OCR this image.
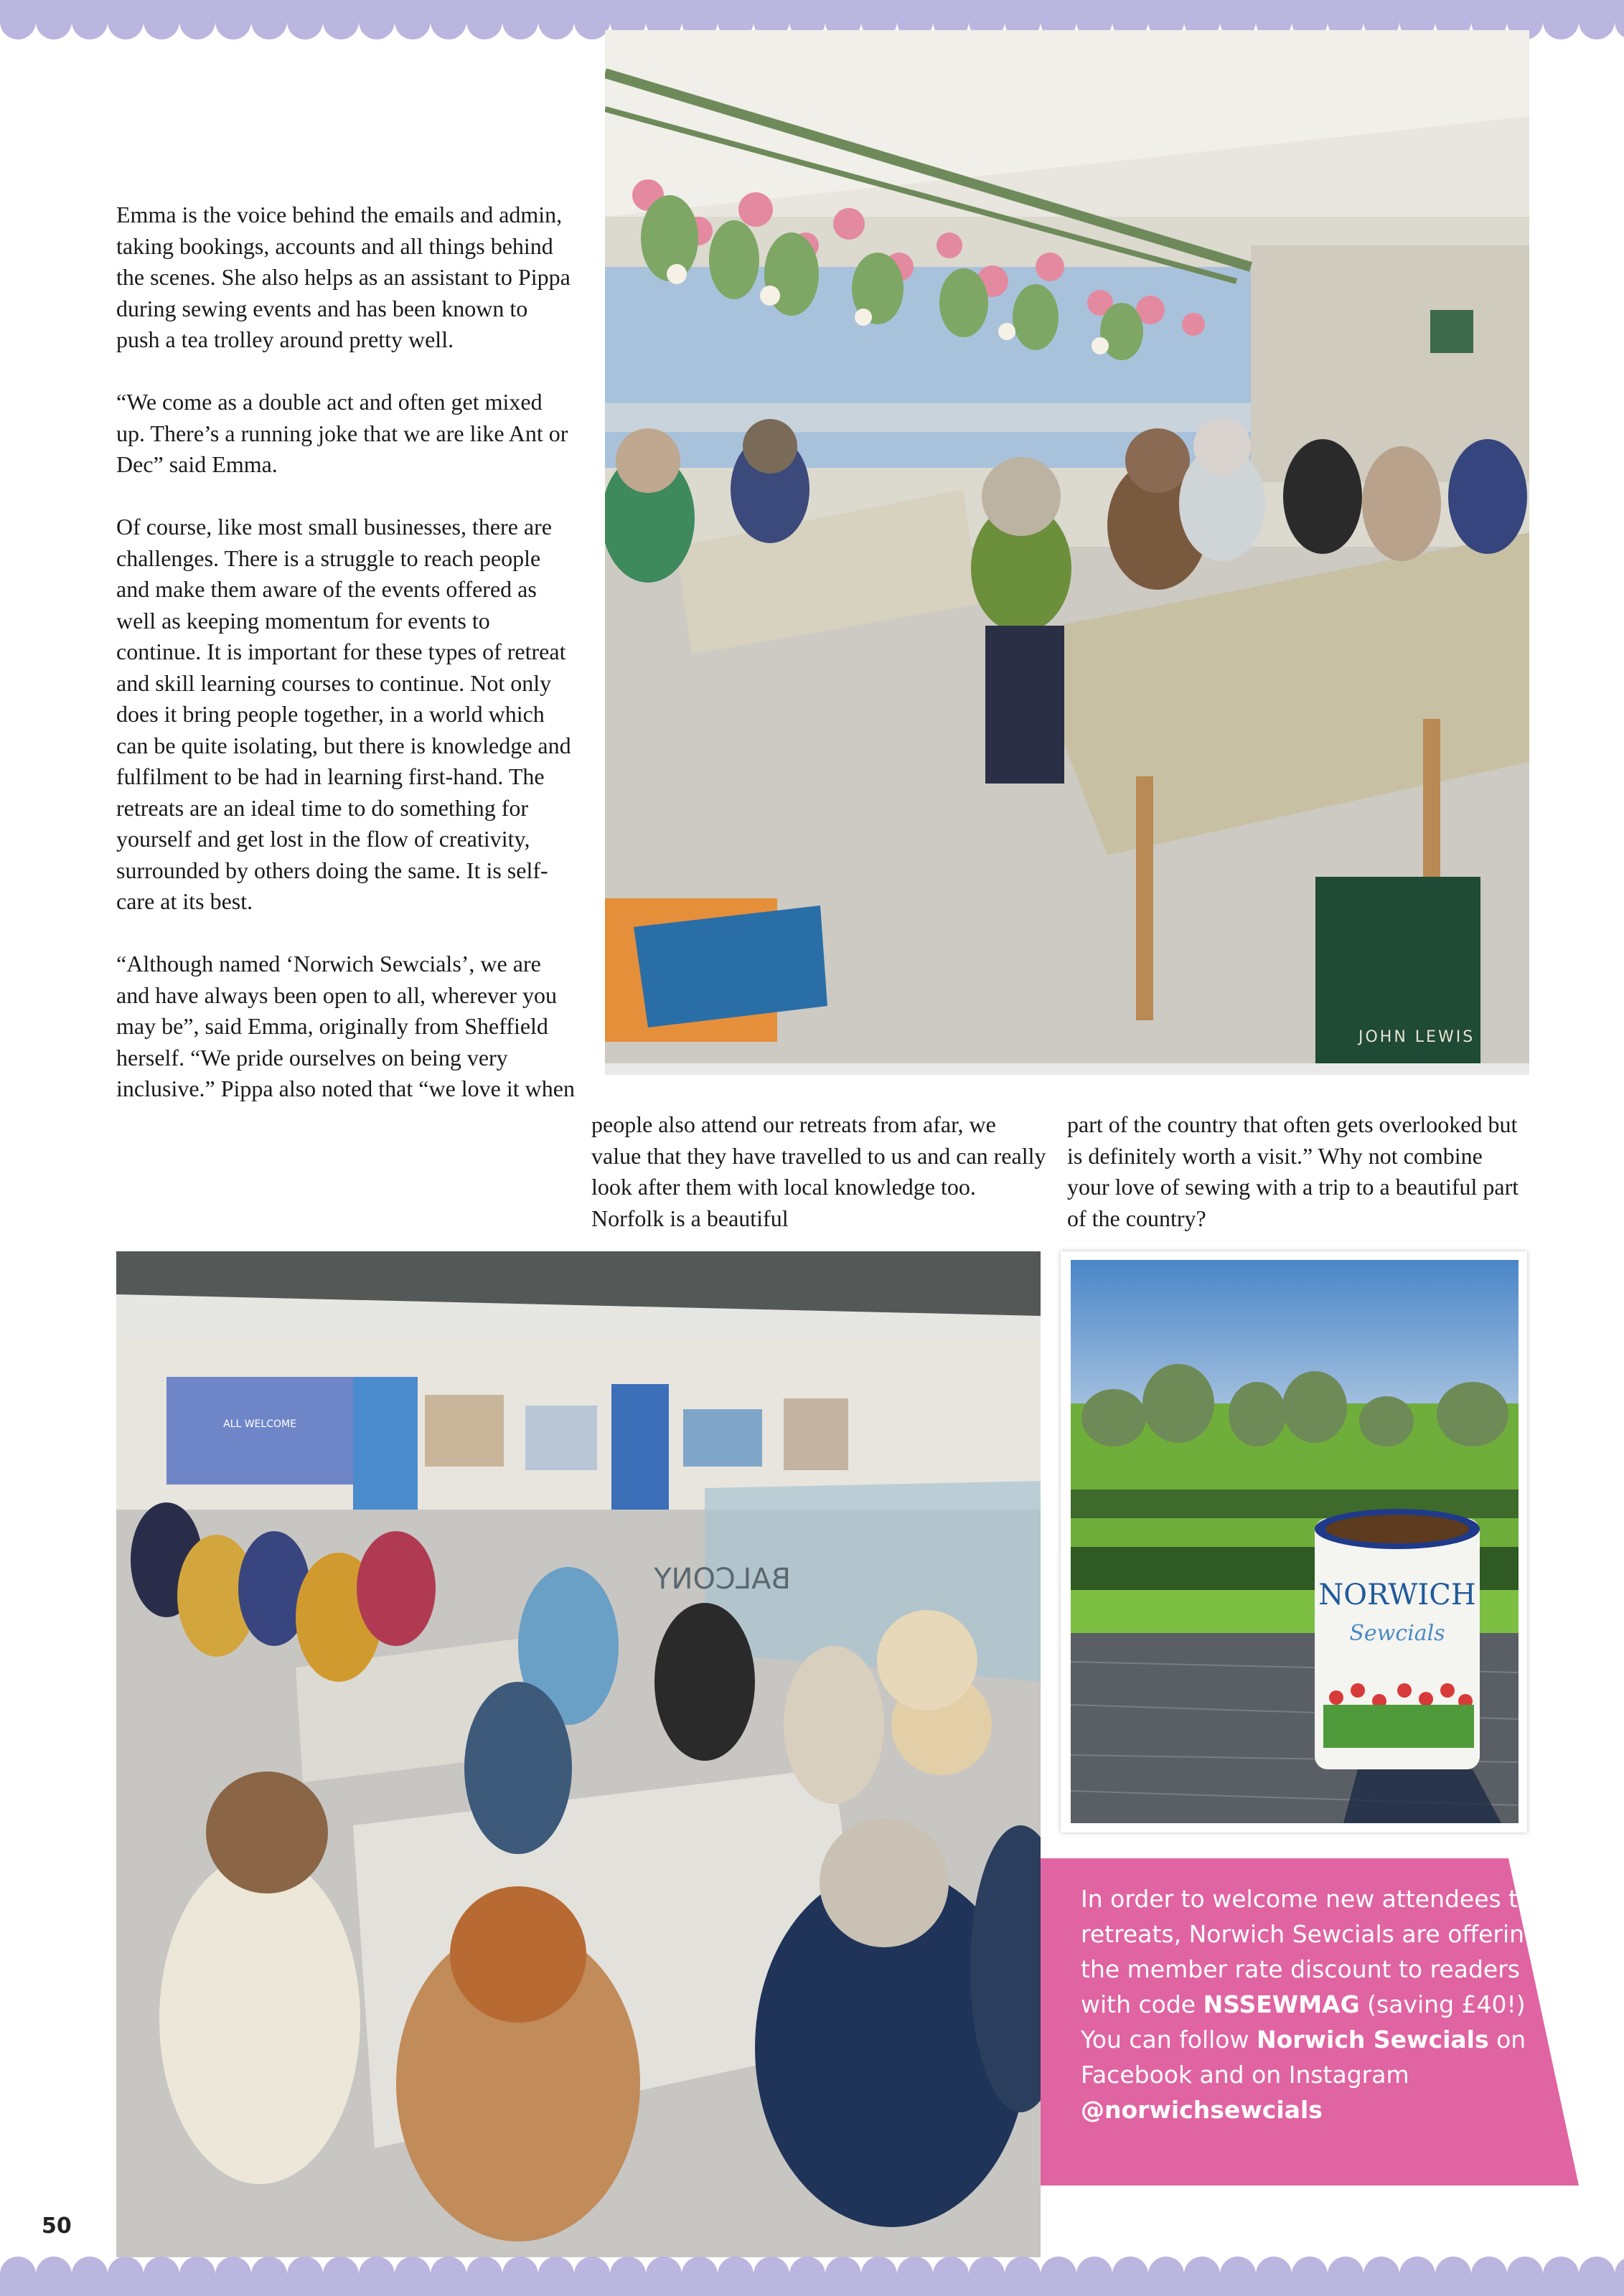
Emma is the voice behind the emails and admin, taking bookings, accounts and all things behind the scenes. She also helps as an assistant to Pippa during sewing events and has been known to push a tea trolley around pretty well.

“We come as a double act and often get mixed up. There’s a running joke that we are like Ant or Dec” said Emma.

Of course, like most small businesses, there are challenges. There is a struggle to reach people and make them aware of the events offered as well as keeping momentum for events to continue. It is important for these types of retreat and skill learning courses to continue. Not only does it bring people together, in a world which can be quite isolating, but there is knowledge and fulfilment to be had in learning first-hand. The retreats are an ideal time to do something for yourself and get lost in the flow of creativity, surrounded by others doing the same. It is self-care at its best.

“Although named ‘Norwich Sewcials’, we are and have always been open to all, wherever you may be”, said Emma, originally from Sheffield herself. “We pride ourselves on being very inclusive.” Pippa also noted that “we love it when

people also attend our retreats from afar, we value that they have travelled to us and can really look after them with local knowledge too. Norfolk is a beautiful

part of the country that often gets overlooked but is definitely worth a visit.” Why not combine your love of sewing with a trip to a beautiful part of the country?

JOHN LEWIS
ALL WELCOME
BALCONY	NORWICH
Sewcials
In order to welcome new attendees to retreats, Norwich Sewcials are offering the member rate discount to readers with code NSSEWMAG (saving £40!)
You can follow Norwich Sewcials on Facebook and on Instagram @norwichsewcials
50
